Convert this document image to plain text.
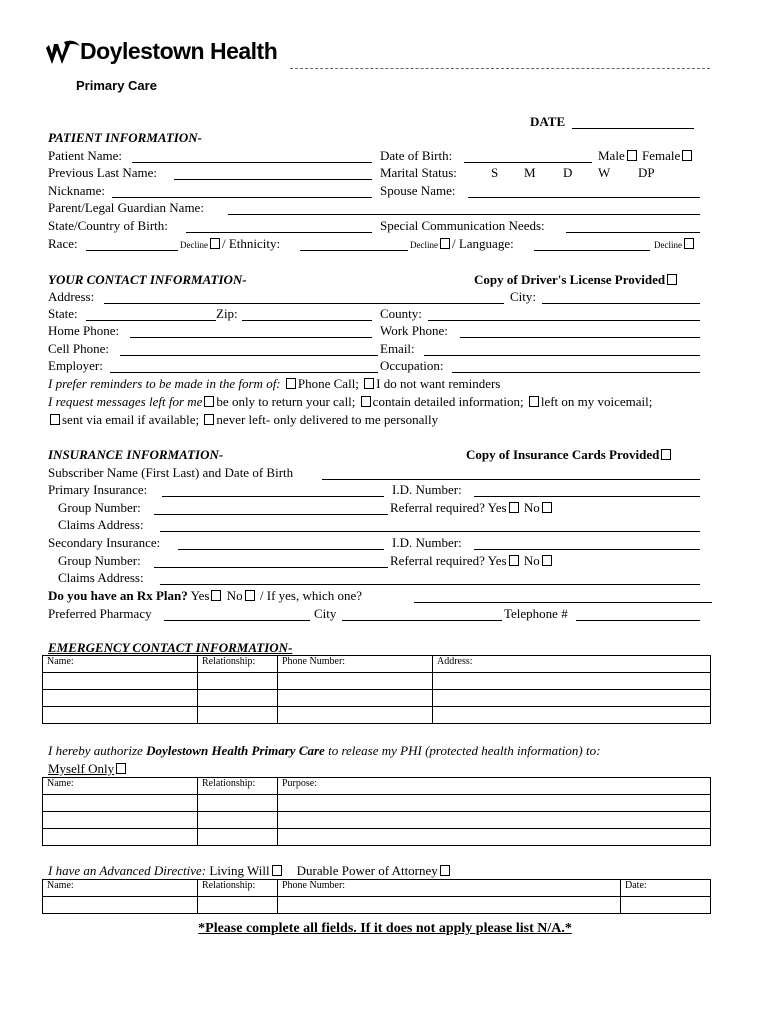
Doylestown Health
Primary Care
DATE
PATIENT INFORMATION-
Patient Name:	Date of Birth:	Male Female
Previous Last Name:	Marital Status:	S M D W DP
Nickname:	Spouse Name:
Parent/Legal Guardian Name:
State/Country of Birth:	Special Communication Needs:
Race:	Decline / Ethnicity:	Decline / Language:	Decline
YOUR CONTACT INFORMATION-	Copy of Driver's License Provided
Address:	City:
State:	Zip:	County:
Home Phone:	Work Phone:
Cell Phone:	Email:
Employer:	Occupation:
I prefer reminders to be made in the form of: Phone Call; I do not want reminders
I request messages left for me be only to return your call; contain detailed information; left on my voicemail;
sent via email if available; never left- only delivered to me personally
INSURANCE INFORMATION-	Copy of Insurance Cards Provided
Subscriber Name (First Last) and Date of Birth
Primary Insurance:	I.D. Number:
Group Number:	Referral required? Yes No
Claims Address:
Secondary Insurance:	I.D. Number:
Group Number:	Referral required? Yes No
Claims Address:
Do you have an Rx Plan? Yes No / If yes, which one?
Preferred Pharmacy	City	Telephone #
EMERGENCY CONTACT INFORMATION-
Name:	Relationship:	Phone Number:	Address:

I hereby authorize Doylestown Health Primary Care to release my PHI (protected health information) to:
Myself Only
Name:	Relationship:	Purpose:

I have an Advanced Directive: Living Will Durable Power of Attorney
Name:	Relationship:	Phone Number:	Date:

*Please complete all fields. If it does not apply please list N/A.*
